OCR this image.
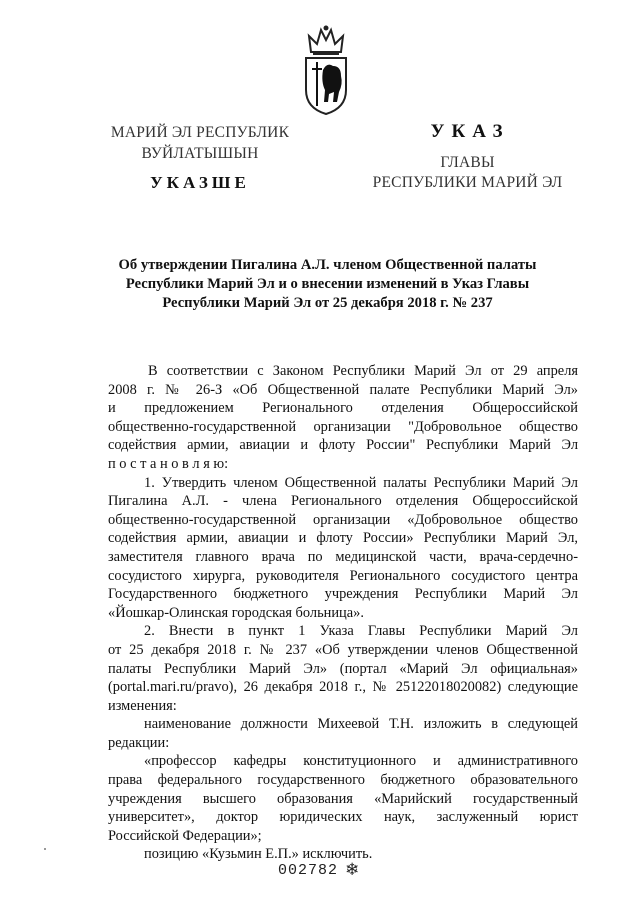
МАРИЙ ЭЛ РЕСПУБЛИК
ВУЙЛАТЫШЫН
УКАЗШЕ
УКАЗ
ГЛАВЫ
РЕСПУБЛИКИ МАРИЙ ЭЛ
Об утверждении Пигалина А.Л. членом Общественной палаты
Республики Марий Эл и о внесении изменений в Указ Главы
Республики Марий Эл от 25 декабря 2018 г. № 237
В соответствии с Законом Республики Марий Эл от 29 апреля
2008 г. № 26-З «Об Общественной палате Республики Марий Эл»
и предложением Регионального отделения Общероссийской
общественно-государственной организации "Добровольное общество
содействия армии, авиации и флоту России" Республики Марий Эл
п о с т а н о в л я ю:
1. Утвердить членом Общественной палаты Республики Марий Эл
Пигалина А.Л. - члена Регионального отделения Общероссийской
общественно-государственной организации «Добровольное общество
содействия армии, авиации и флоту России» Республики Марий Эл,
заместителя главного врача по медицинской части, врача-сердечно-
сосудистого хирурга, руководителя Регионального сосудистого центра
Государственного бюджетного учреждения Республики Марий Эл
«Йошкар-Олинская городская больница».
2. Внести в пункт 1 Указа Главы Республики Марий Эл
от 25 декабря 2018 г. № 237 «Об утверждении членов Общественной
палаты Республики Марий Эл» (портал «Марий Эл официальная»
(portal.mari.ru/pravo), 26 декабря 2018 г., № 25122018020082) следующие
изменения:
наименование должности Михеевой Т.Н. изложить в следующей
редакции:
«профессор кафедры конституционного и административного
права федерального государственного бюджетного образовательного
учреждения высшего образования «Марийский государственный
университет», доктор юридических наук, заслуженный юрист
Российской Федерации»;
позицию «Кузьмин Е.П.» исключить.
002782 ❄
